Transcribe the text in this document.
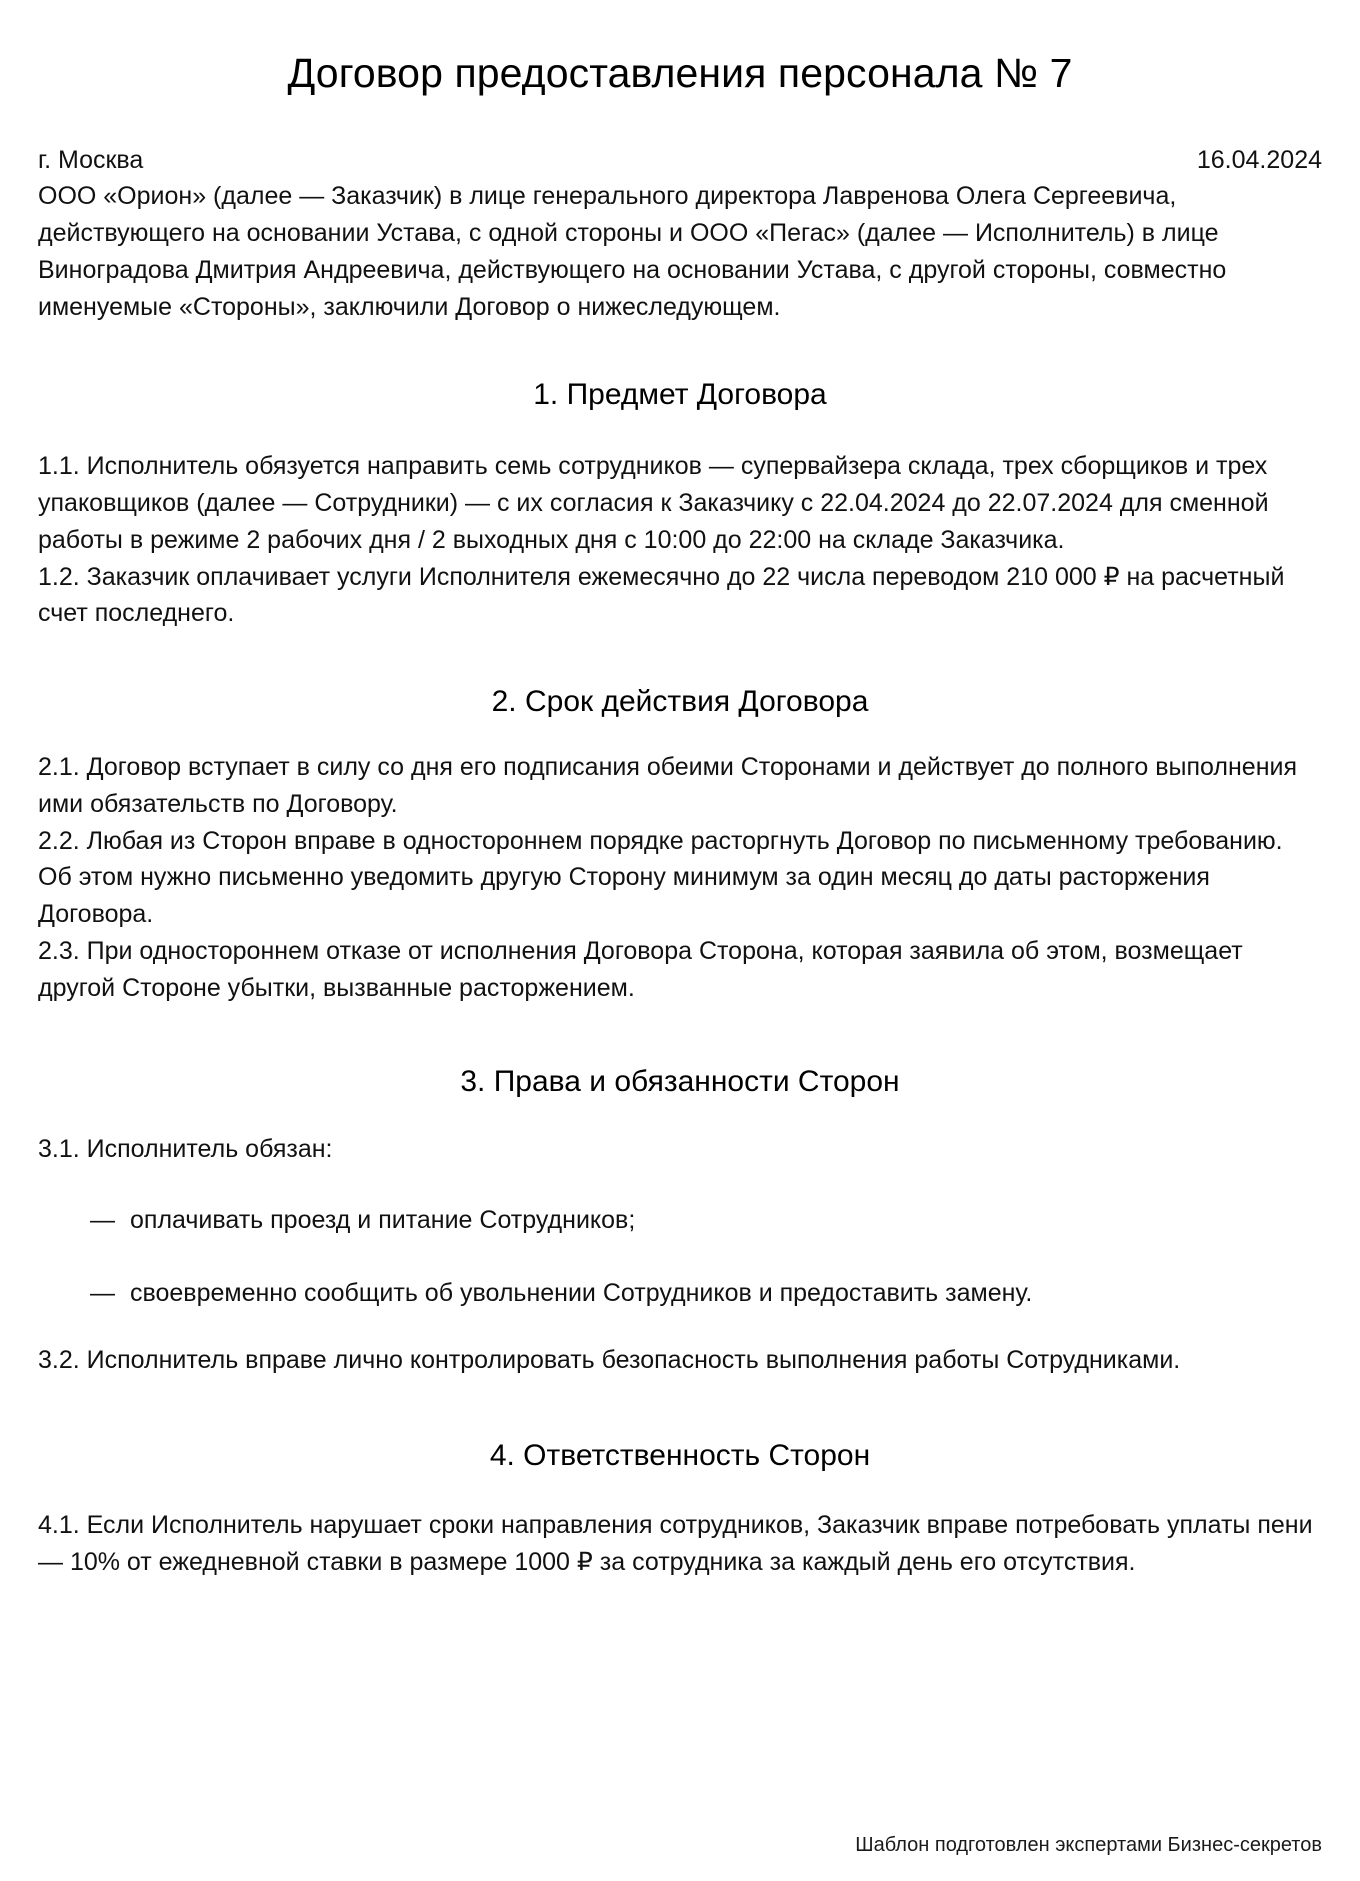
Договор предоставления персонала № 7
г. Москва	16.04.2024

ООО «Орион» (далее — Заказчик) в лице генерального директора Лавренова Олега Сергеевича, действующего на основании Устава, с одной стороны и ООО «Пегас» (далее — Исполнитель) в лице Виноградова Дмитрия Андреевича, действующего на основании Устава, с другой стороны, совместно именуемые «Стороны», заключили Договор о нижеследующем.

1. Предмет Договора

1.1. Исполнитель обязуется направить семь сотрудников — супервайзера склада, трех сборщиков и трех упаковщиков (далее — Сотрудники) — с их согласия к Заказчику с 22.04.2024 до 22.07.2024 для сменной работы в режиме 2 рабочих дня / 2 выходных дня с 10:00 до 22:00 на складе Заказчика.

1.2. Заказчик оплачивает услуги Исполнителя ежемесячно до 22 числа переводом 210 000 ₽ на расчетный счет последнего.

2. Срок действия Договора

2.1. Договор вступает в силу со дня его подписания обеими Сторонами и действует до полного выполнения ими обязательств по Договору.

2.2. Любая из Сторон вправе в одностороннем порядке расторгнуть Договор по письменному требованию. Об этом нужно письменно уведомить другую Сторону минимум за один месяц до даты расторжения Договора.

2.3. При одностороннем отказе от исполнения Договора Сторона, которая заявила об этом, возмещает другой Стороне убытки, вызванные расторжением.

3. Права и обязанности Сторон

3.1. Исполнитель обязан:

— оплачивать проезд и питание Сотрудников;
— своевременно сообщить об увольнении Сотрудников и предоставить замену.

3.2. Исполнитель вправе лично контролировать безопасность выполнения работы Сотрудниками.

4. Ответственность Сторон

4.1. Если Исполнитель нарушает сроки направления сотрудников, Заказчик вправе потребовать уплаты пени — 10% от ежедневной ставки в размере 1000 ₽ за сотрудника за каждый день его отсутствия.

Шаблон подготовлен экспертами Бизнес-секретов
